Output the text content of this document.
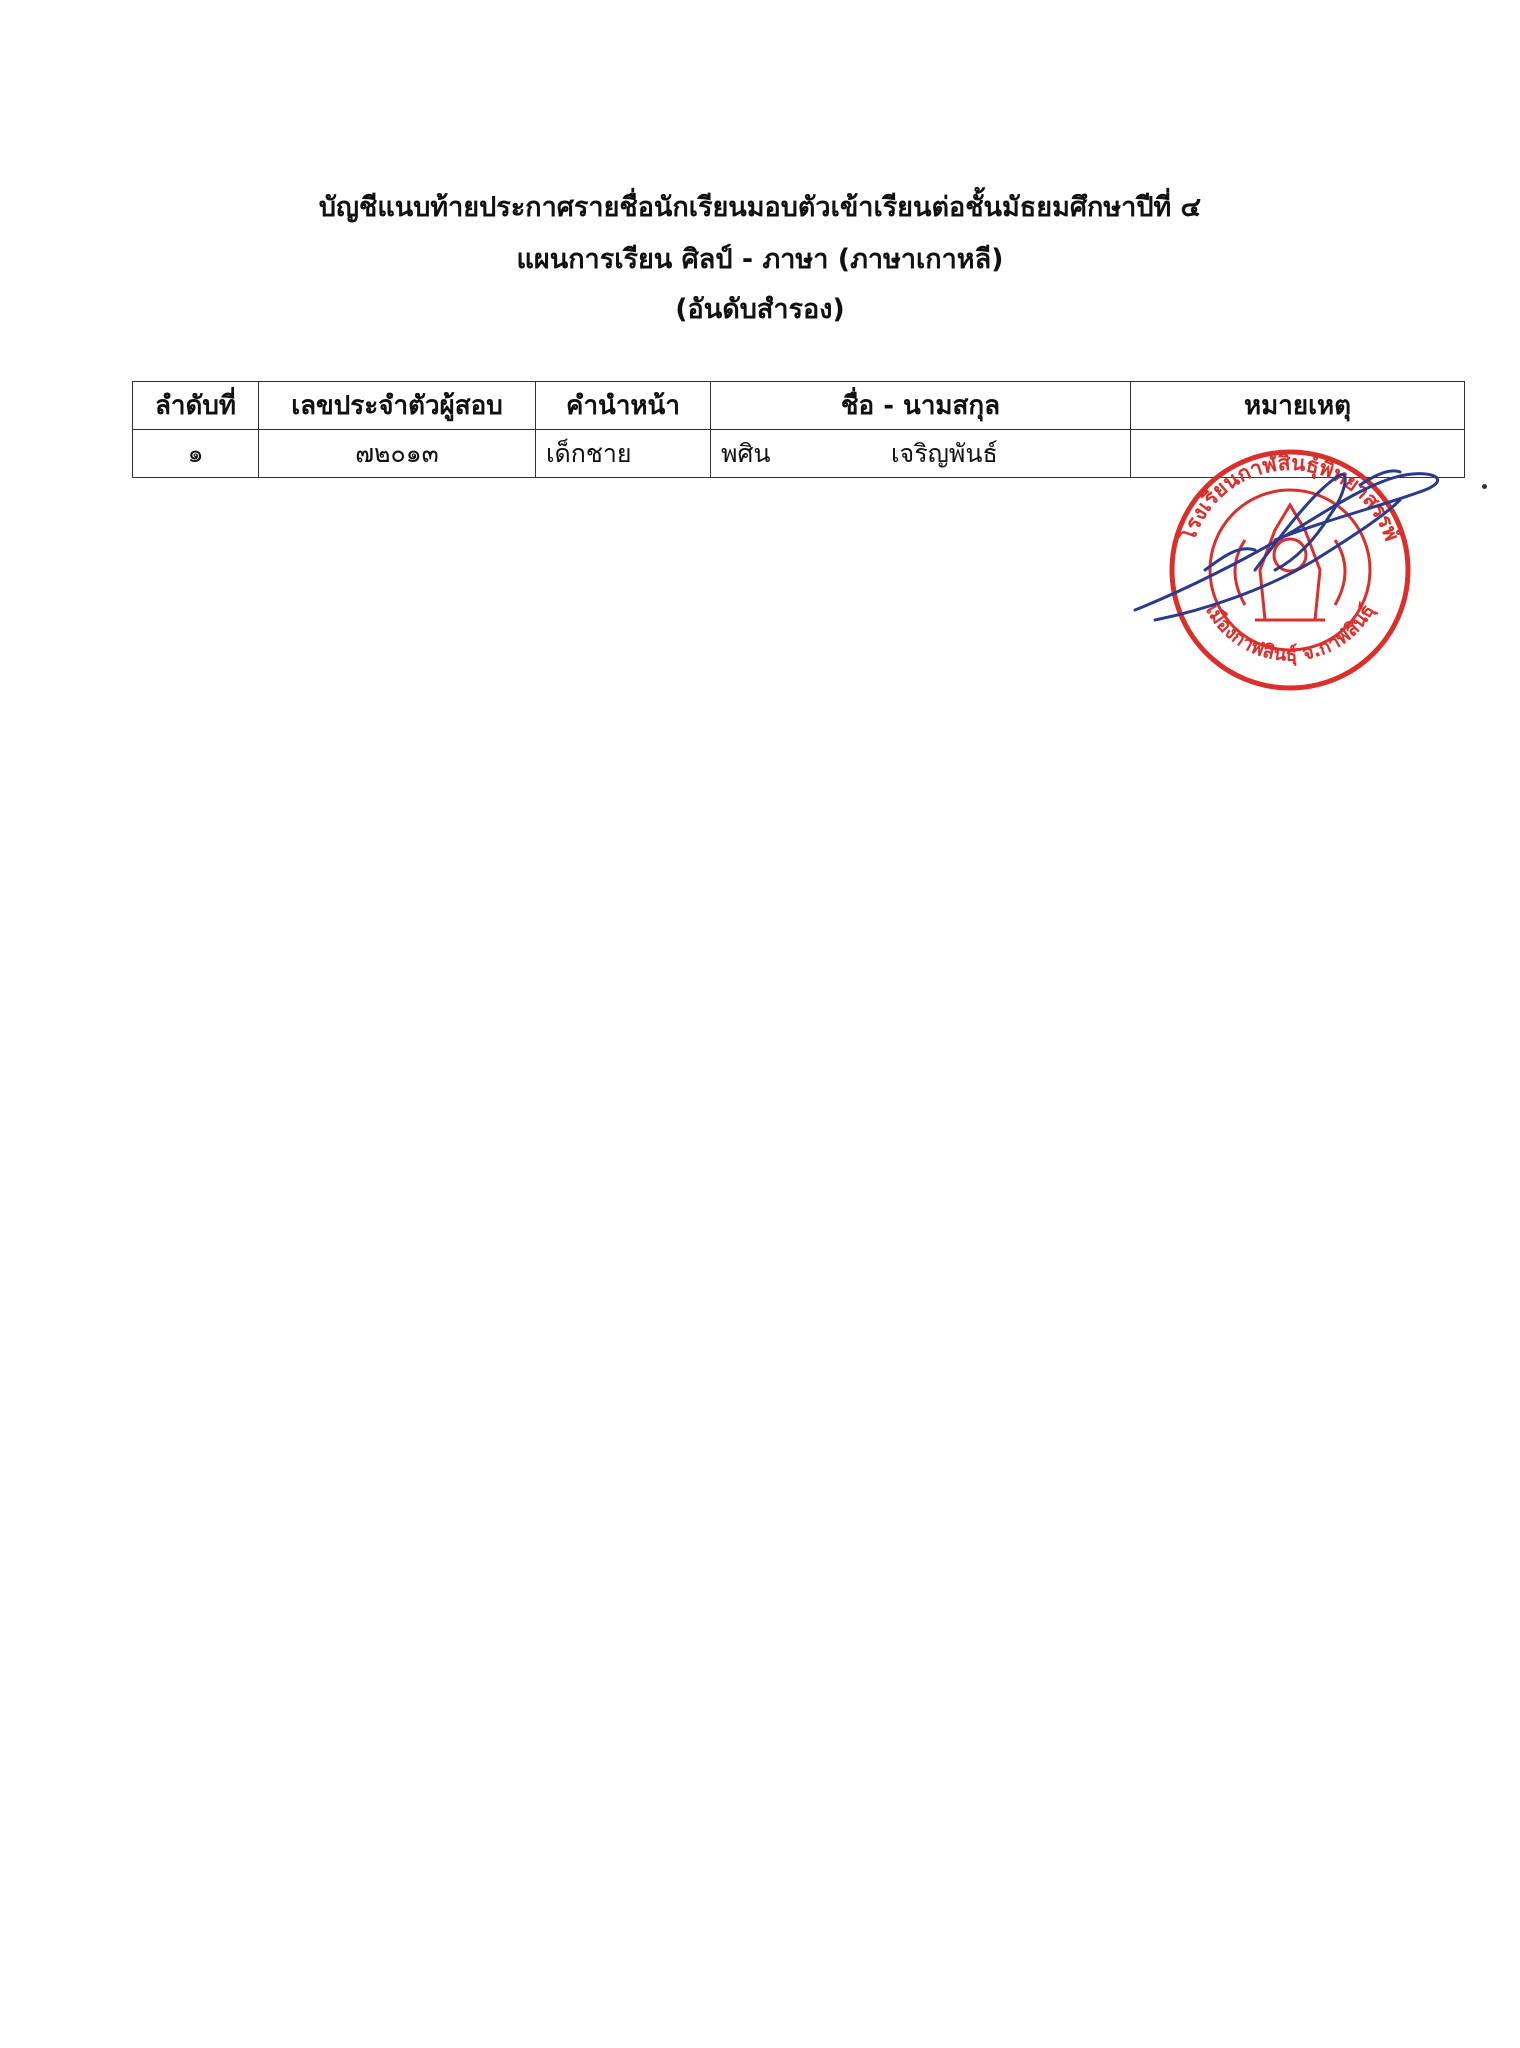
บัญชีแนบท้ายประกาศรายชื่อนักเรียนมอบตัวเข้าเรียนต่อชั้นมัธยมศึกษาปีที่ ๔
แผนการเรียน ศิลป์ - ภาษา (ภาษาเกาหลี)
(อันดับสำรอง)
ลำดับที่	เลขประจำตัวผู้สอบ	คำนำหน้า	ชื่อ - นามสกุล	หมายเหตุ
๑	๗๒๐๑๓	เด็กชาย	พศิน เจริญพันธ์	
โรงเรียนกาฬสินธุ์พิทยาสรรพ์
เมืองกาฬสินธุ์ จ.กาฬสินธุ์
